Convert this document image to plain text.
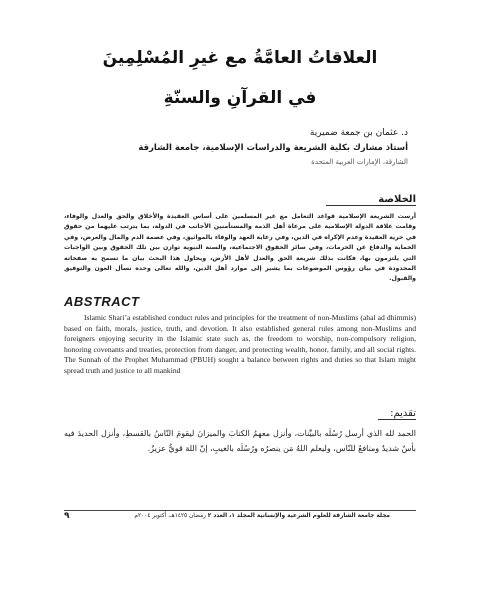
العلاقاتُ العامَّةُ مع غيرِ المُسْلِمِينَ
في القرآنِ والسنّةِ
د. عثمان بن جمعة ضميرية
أستاذ مشارك بكلية الشريعة والدراسات الإسلامية، جامعة الشارقة
الشارقة، الإمارات العربية المتحدة
الخلاصة
أرست الشريعة الإسلامية قواعد التعامل مع غير المسلمين على أساس العقيدة والأخلاق والحق والعدل والوفاء، وقامت علاقة الدولة الإسلامية على مرعاة أهل الذمة والمستأمنين الأجانب في الدولة، بما يترتب عليهما من حقوق في حرية العقيدة وعدم الإكراه في الدين، وفي رعاية العهد والوفاء بالمواثيق، وفي عصمة الدم والمال والعرض، وفي الحماية والدفاع عن الحرمات، وفي سائر الحقوق الاجتماعية، والسنة النبوية توازن بين تلك الحقوق وبين الواجبات التي يلتزمون بها، فكانت بذلك شريعة الحق والعدل لأهل الأرض، ويحاول هذا البحث بيان ما تسمح به صفحاته المحدودة في بيان رؤوس الموضوعات بما يشير إلى موارد أهل الدين، والله تعالى وحده نسأل العون والتوفيق والقبول.
ABSTRACT
Islamic Shari’a established conduct rules and principles for the treatment of non-Muslims (ahal ad dhimmis) based on faith, morals, justice, truth, and devotion. It also established general rules among non-Muslims and foreigners enjoying security in the Islamic state such as, the freedom to worship, non-compulsory religion, honoring covenants and treaties, protection from danger, and protecting wealth, honor, family, and all social rights. The Sunnah of the Prophet Muhammad (PBUH) sought a balance between rights and duties so that Islam might spread truth and justice to all mankind
تقديم:
الحمد لله الذي أرسل رُسُلَه بالبيِّنات، وأنزل معهمُ الكتابَ والميزانَ ليقومَ النّاسُ بالقسطِ، وأنزل الحديدَ فيه بأسٌ شديدٌ ومنافعُ للنّاس، وليعلم اللهُ مَن ينصرُه ورُسُلَه بالغيبِ، إنّ اللهَ قويٌّ عزيزٌ.
مجلة جامعة الشارقة للعلوم الشرعية والإنسانية المجلد ١، العدد ٢
رمضان ١٤٢٥هـ، أكتوبر ٢٠٠٤م
٩
